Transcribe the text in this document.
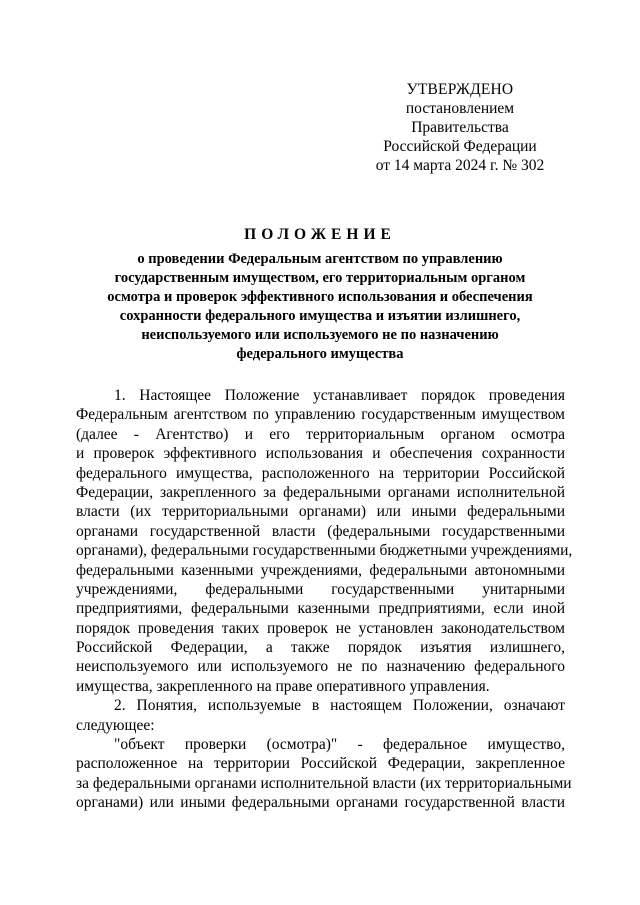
УТВЕРЖДЕНО
постановлением Правительства
Российской Федерации
от 14 марта 2024 г. № 302
ПОЛОЖЕНИЕ
о проведении Федеральным агентством по управлению
государственным имуществом, его территориальным органом
осмотра и проверок эффективного использования и обеспечения
сохранности федерального имущества и изъятии излишнего,
неиспользуемого или используемого не по назначению
федерального имущества
1. Настоящее Положение устанавливает порядок проведения
Федеральным агентством по управлению государственным имуществом
(далее - Агентство) и его территориальным органом осмотра
и проверок эффективного использования и обеспечения сохранности
федерального имущества, расположенного на территории Российской
Федерации, закрепленного за федеральными органами исполнительной
власти (их территориальными органами) или иными федеральными
органами государственной власти (федеральными государственными
органами), федеральными государственными бюджетными учреждениями,
федеральными казенными учреждениями, федеральными автономными
учреждениями, федеральными государственными унитарными
предприятиями, федеральными казенными предприятиями, если иной
порядок проведения таких проверок не установлен законодательством
Российской Федерации, а также порядок изъятия излишнего,
неиспользуемого или используемого не по назначению федерального
имущества, закрепленного на праве оперативного управления.
2. Понятия, используемые в настоящем Положении, означают
следующее:
"объект проверки (осмотра)" - федеральное имущество,
расположенное на территории Российской Федерации, закрепленное
за федеральными органами исполнительной власти (их территориальными
органами) или иными федеральными органами государственной власти
